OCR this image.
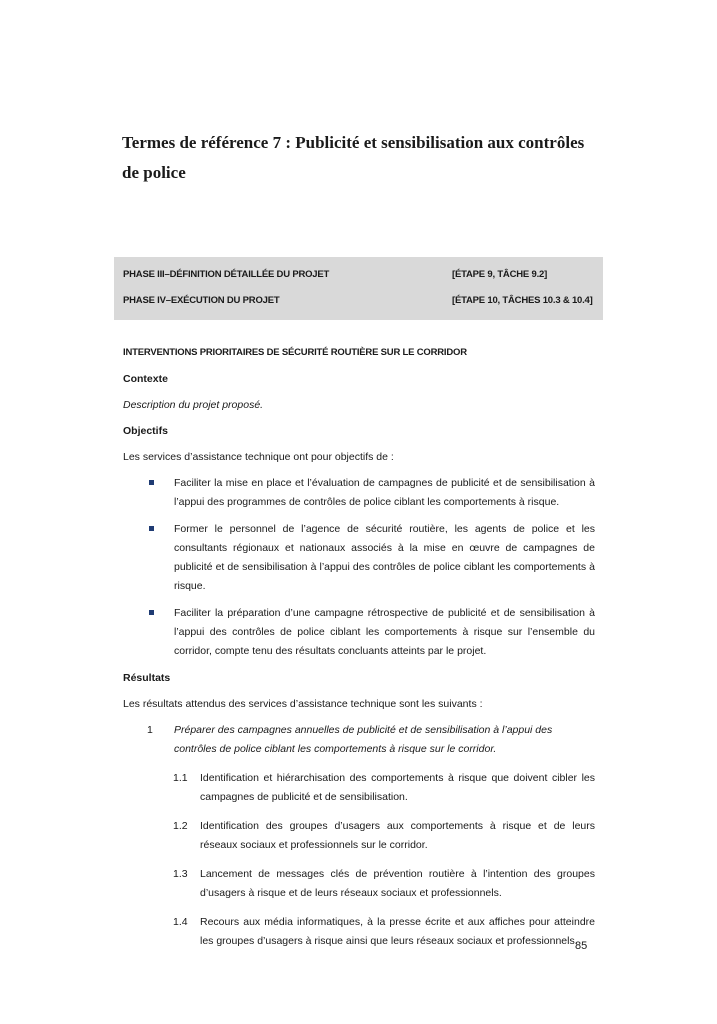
Termes de référence 7 : Publicité et sensibilisation aux contrôles de police
PHASE III–DÉFINITION DÉTAILLÉE DU PROJET	[ÉTAPE 9, TÂCHE 9.2]
PHASE IV–EXÉCUTION DU PROJET	[ÉTAPE 10, TÂCHES 10.3 & 10.4]

INTERVENTIONS PRIORITAIRES DE SÉCURITÉ ROUTIÈRE SUR LE CORRIDOR

Contexte

Description du projet proposé.

Objectifs

Les services d’assistance technique ont pour objectifs de :

Faciliter la mise en place et l’évaluation de campagnes de publicité et de sensibilisation à l’appui des programmes de contrôles de police ciblant les comportements à risque.
Former le personnel de l’agence de sécurité routière, les agents de police et les consultants régionaux et nationaux associés à la mise en œuvre de campagnes de publicité et de sensibilisation à l’appui des contrôles de police ciblant les comportements à risque.
Faciliter la préparation d’une campagne rétrospective de publicité et de sensibilisation à l’appui des contrôles de police ciblant les comportements à risque sur l’ensemble du corridor, compte tenu des résultats concluants atteints par le projet.

Résultats

Les résultats attendus des services d’assistance technique sont les suivants :

1 Préparer des campagnes annuelles de publicité et de sensibilisation à l’appui des contrôles de police ciblant les comportements à risque sur le corridor.
1.1 Identification et hiérarchisation des comportements à risque que doivent cibler les campagnes de publicité et de sensibilisation.
1.2 Identification des groupes d’usagers aux comportements à risque et de leurs réseaux sociaux et professionnels sur le corridor.
1.3 Lancement de messages clés de prévention routière à l’intention des groupes d’usagers à risque et de leurs réseaux sociaux et professionnels.
1.4 Recours aux média informatiques, à la presse écrite et aux affiches pour atteindre les groupes d’usagers à risque ainsi que leurs réseaux sociaux et professionnels.
85
